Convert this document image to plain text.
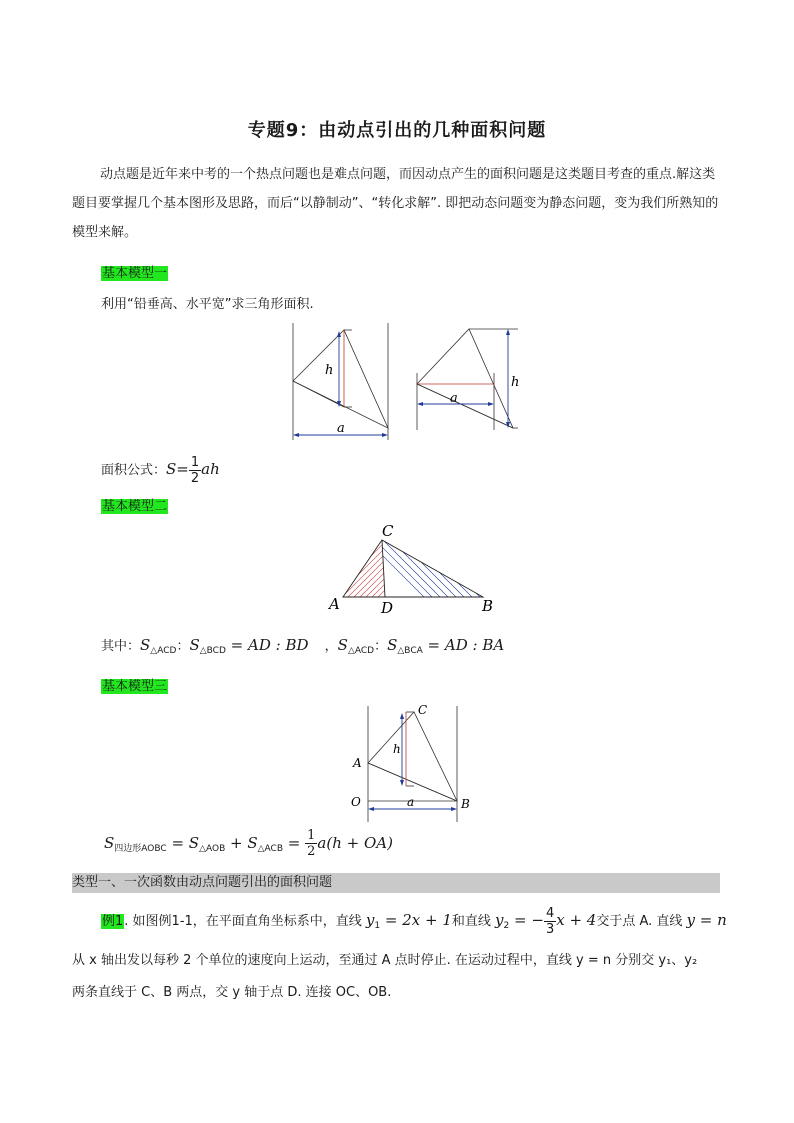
专题9：由动点引出的几种面积问题
动点题是近年来中考的一个热点问题也是难点问题，而因动点产生的面积问题是这类题目考查的重点.解这类题目要掌握几个基本图形及思路，而后“以静制动”、“转化求解”. 即把动态问题变为静态问题，变为我们所熟知的模型来解。
基本模型一
利用“铅垂高、水平宽”求三角形面积.
h
a
a
h
面积公式：$S= \frac{1}{2}$ ah
基本模型二
C
A	D	B
其中：$S_{\triangle ACD}$：$S_{\triangle BCD}$ = AD : BD ，$S_{\triangle ACD}$：$S_{\triangle BCA}$ = AD : BA
基本模型三
C
A
O	B
h
a
$S_{四边形AOBC} = S_{\triangle AOB} + S_{\triangle ACB} = \frac{1}{2} a(h + OA)$
类型一、一次函数由动点问题引出的面积问题
例1. 如图例1-1，在平面直角坐标系中，直线 $y_1 = 2x + 1$和直线 $y_2$ = − $\frac{4}{3}$ x + 4交于点 A. 直线 y = n
从 x 轴出发以每秒 2 个单位的速度向上运动，至通过 A 点时停止. 在运动过程中，直线 y = n 分别交 y₁、y₂
两条直线于 C、B 两点，交 y 轴于点 D. 连接 OC、OB.
